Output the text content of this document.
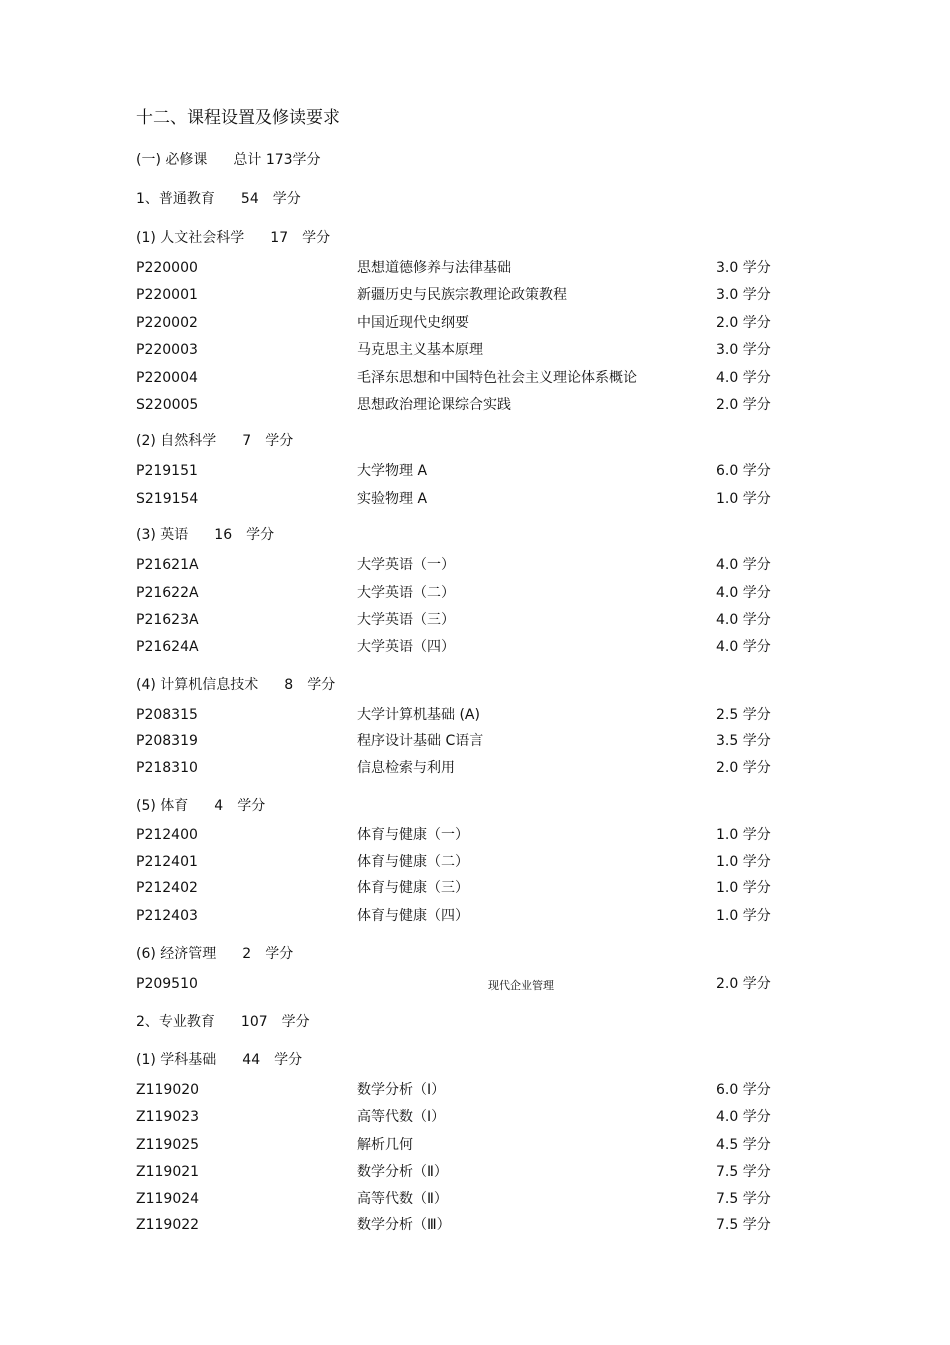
十二、课程设置及修读要求
(一) 必修课 总计 173学分
1、普通教育 54 学分
(1) 人文社会科学 17 学分
P220000	思想道德修养与法律基础	3.0 学分
P220001	新疆历史与民族宗教理论政策教程	3.0 学分
P220002	中国近现代史纲要	2.0 学分
P220003	马克思主义基本原理	3.0 学分
P220004	毛泽东思想和中国特色社会主义理论体系概论	4.0 学分
S220005	思想政治理论课综合实践	2.0 学分
(2) 自然科学 7 学分
P219151	大学物理 A	6.0 学分
S219154	实验物理 A	1.0 学分
(3) 英语 16 学分
P21621A	大学英语（一）	4.0 学分
P21622A	大学英语（二）	4.0 学分
P21623A	大学英语（三）	4.0 学分
P21624A	大学英语（四）	4.0 学分
(4) 计算机信息技术 8 学分
P208315	大学计算机基础 (A)	2.5 学分
P208319	程序设计基础 C语言	3.5 学分
P218310	信息检索与利用	2.0 学分
(5) 体育 4 学分
P212400	体育与健康（一）	1.0 学分
P212401	体育与健康（二）	1.0 学分
P212402	体育与健康（三）	1.0 学分
P212403	体育与健康（四）	1.0 学分
(6) 经济管理 2 学分
P209510	现代企业管理	2.0 学分
2、专业教育 107 学分
(1) 学科基础 44 学分
Z119020	数学分析（Ⅰ）	6.0 学分
Z119023	高等代数（Ⅰ）	4.0 学分
Z119025	解析几何	4.5 学分
Z119021	数学分析（Ⅱ）	7.5 学分
Z119024	高等代数（Ⅱ）	7.5 学分
Z119022	数学分析（Ⅲ）	7.5 学分
